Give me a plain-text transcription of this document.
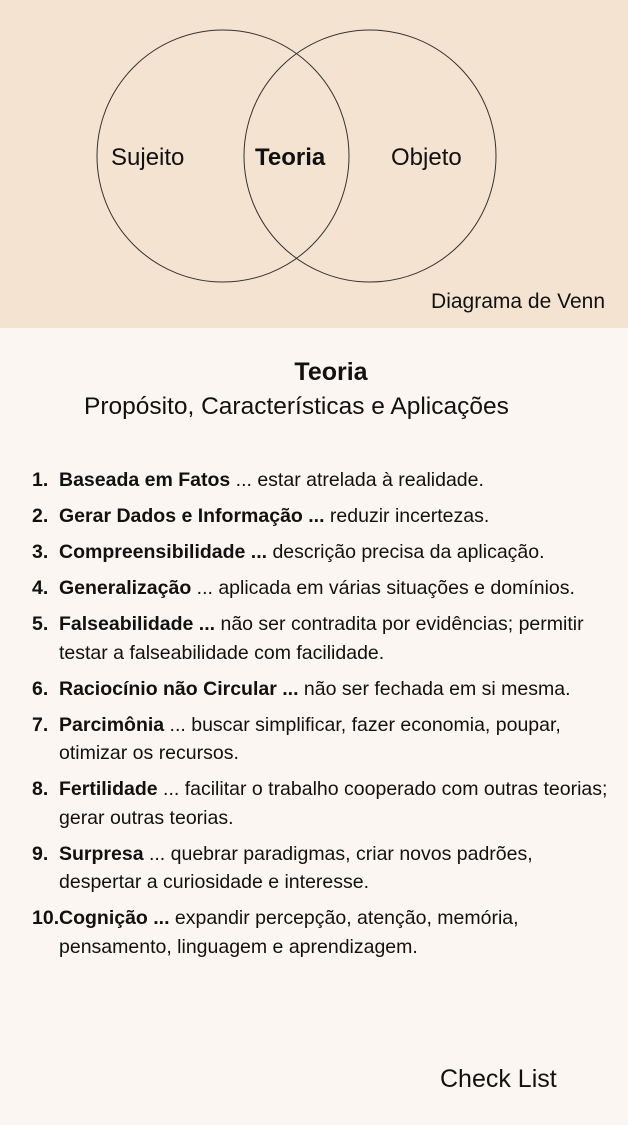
Sujeito	Teoria	Objeto
Diagrama de Venn
Teoria
Propósito, Características e Aplicações
1. Baseada em Fatos ... estar atrelada à realidade.
2. Gerar Dados e Informação ... reduzir incertezas.
3. Compreensibilidade ... descrição precisa da aplicação.
4. Generalização ... aplicada em várias situações e domínios.
5. Falseabilidade ... não ser contradita por evidências; permitir testar a falseabilidade com facilidade.
6. Raciocínio não Circular ... não ser fechada em si mesma.
7. Parcimônia ... buscar simplificar, fazer economia, poupar, otimizar os recursos.
8. Fertilidade ... facilitar o trabalho cooperado com outras teorias; gerar outras teorias.
9. Surpresa ... quebrar paradigmas, criar novos padrões, despertar a curiosidade e interesse.
10. Cognição ... expandir percepção, atenção, memória, pensamento, linguagem e aprendizagem.
Check List
